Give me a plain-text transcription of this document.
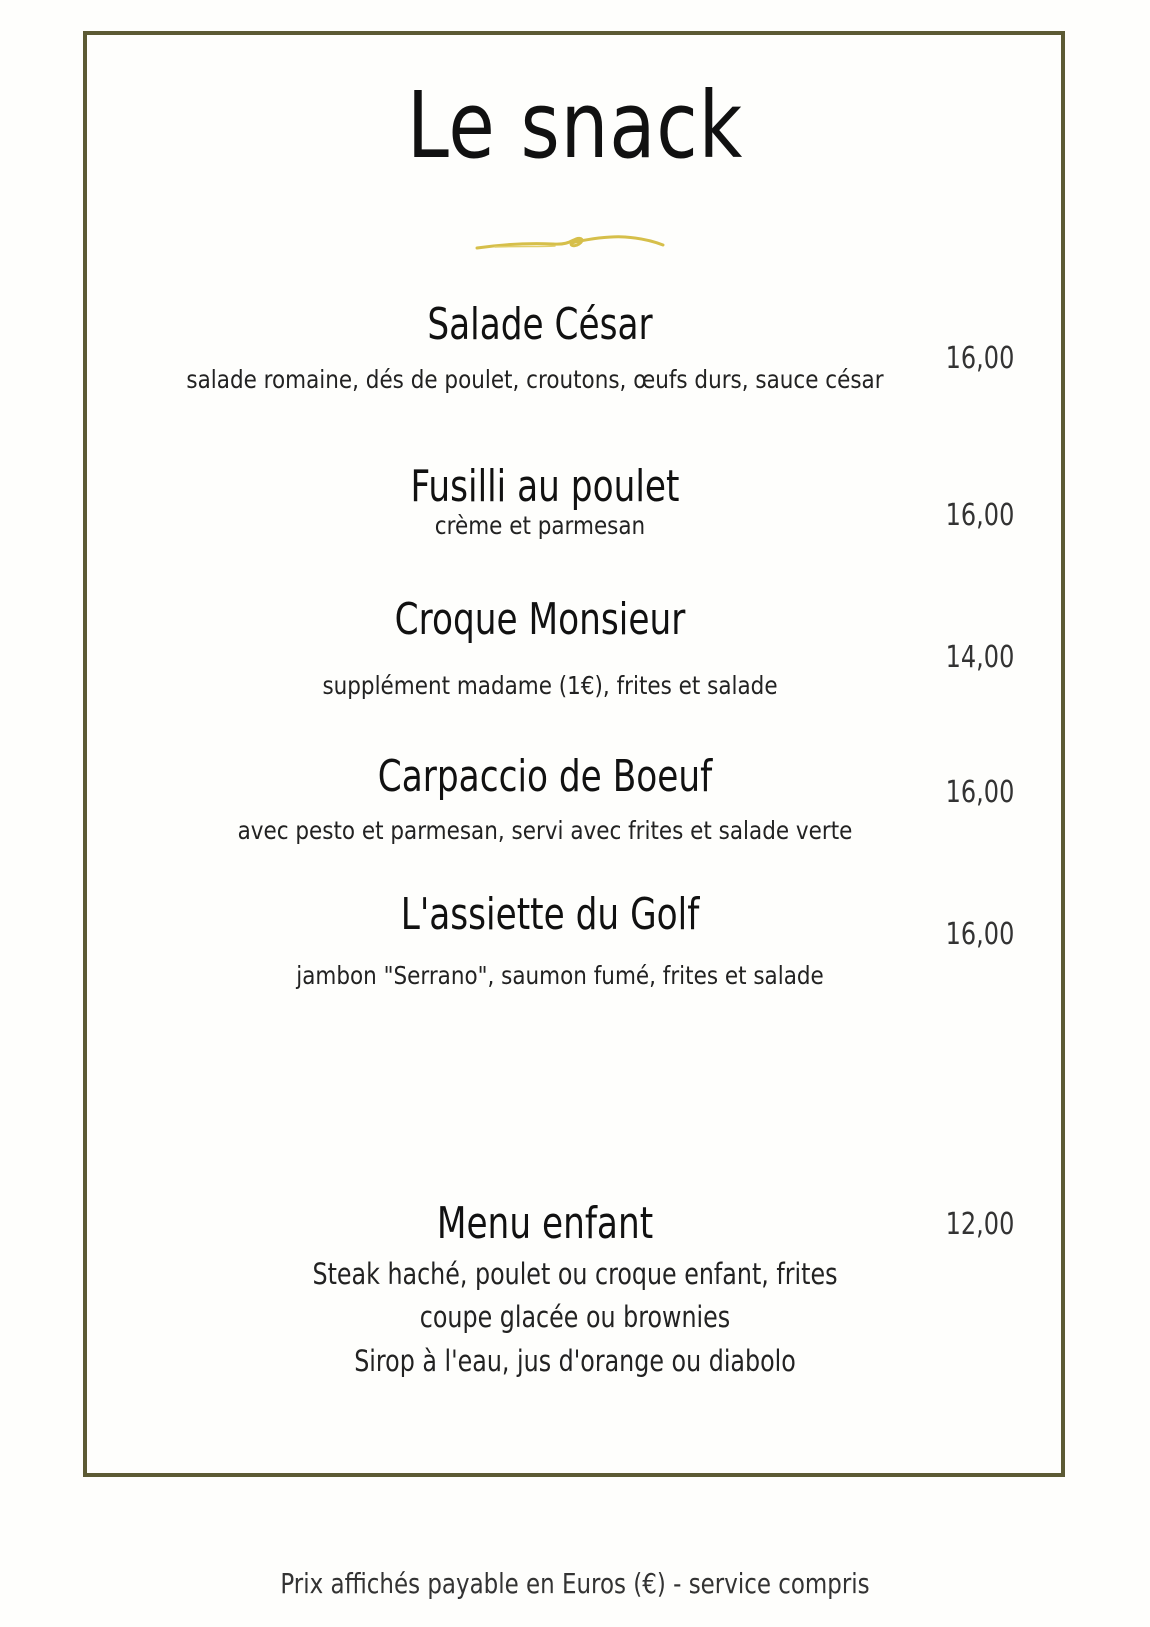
Le snack
Salade César
salade romaine, dés de poulet, croutons, œufs durs, sauce césar
16,00
Fusilli au poulet
crème et parmesan	16,00
Croque Monsieur
supplément madame (1€), frites et salade
14,00
Carpaccio de Boeuf
avec pesto et parmesan, servi avec frites et salade verte
16,00
L'assiette du Golf
jambon "Serrano", saumon fumé, frites et salade
16,00
Menu enfant	12,00
Steak haché, poulet ou croque enfant, frites
coupe glacée ou brownies
Sirop à l'eau, jus d'orange ou diabolo
Prix affichés payable en Euros (€) - service compris
